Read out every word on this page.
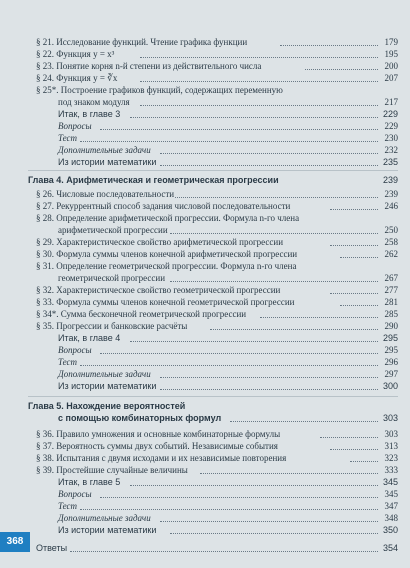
§ 21. Исследование функций. Чтение графика функции	179
§ 22. Функция y = x³	195
§ 23. Понятие корня n-й степени из действительного числа	200
§ 24. Функция y = ∛x	207
§ 25*. Построение графиков функций, содержащих переменную
под знаком модуля	217
Итак, в главе 3	229
Вопросы	229
Тест	230
Дополнительные задачи	232
Из истории математики	235
Глава 4. Арифметическая и геометрическая прогрессии	239
§ 26. Числовые последовательности	239
§ 27. Рекуррентный способ задания числовой последовательности	246
§ 28. Определение арифметической прогрессии. Формула n-го члена
арифметической прогрессии	250
§ 29. Характеристическое свойство арифметической прогрессии	258
§ 30. Формула суммы членов конечной арифметической прогрессии	262
§ 31. Определение геометрической прогрессии. Формула n-го члена
геометрической прогрессии	267
§ 32. Характеристическое свойство геометрической прогрессии	277
§ 33. Формула суммы членов конечной геометрической прогрессии	281
§ 34*. Сумма бесконечной геометрической прогрессии	285
§ 35. Прогрессии и банковские расчёты	290
Итак, в главе 4	295
Вопросы	295
Тест	296
Дополнительные задачи	297
Из истории математики	300
Глава 5. Нахождение вероятностей
с помощью комбинаторных формул	303
§ 36. Правило умножения и основные комбинаторные формулы	303
§ 37. Вероятность суммы двух событий. Независимые события	313
§ 38. Испытания с двумя исходами и их независимые повторения	323
§ 39. Простейшие случайные величины	333
Итак, в главе 5	345
Вопросы	345
Тест	347
Дополнительные задачи	348
Из истории математики	350
Ответы	354
368
